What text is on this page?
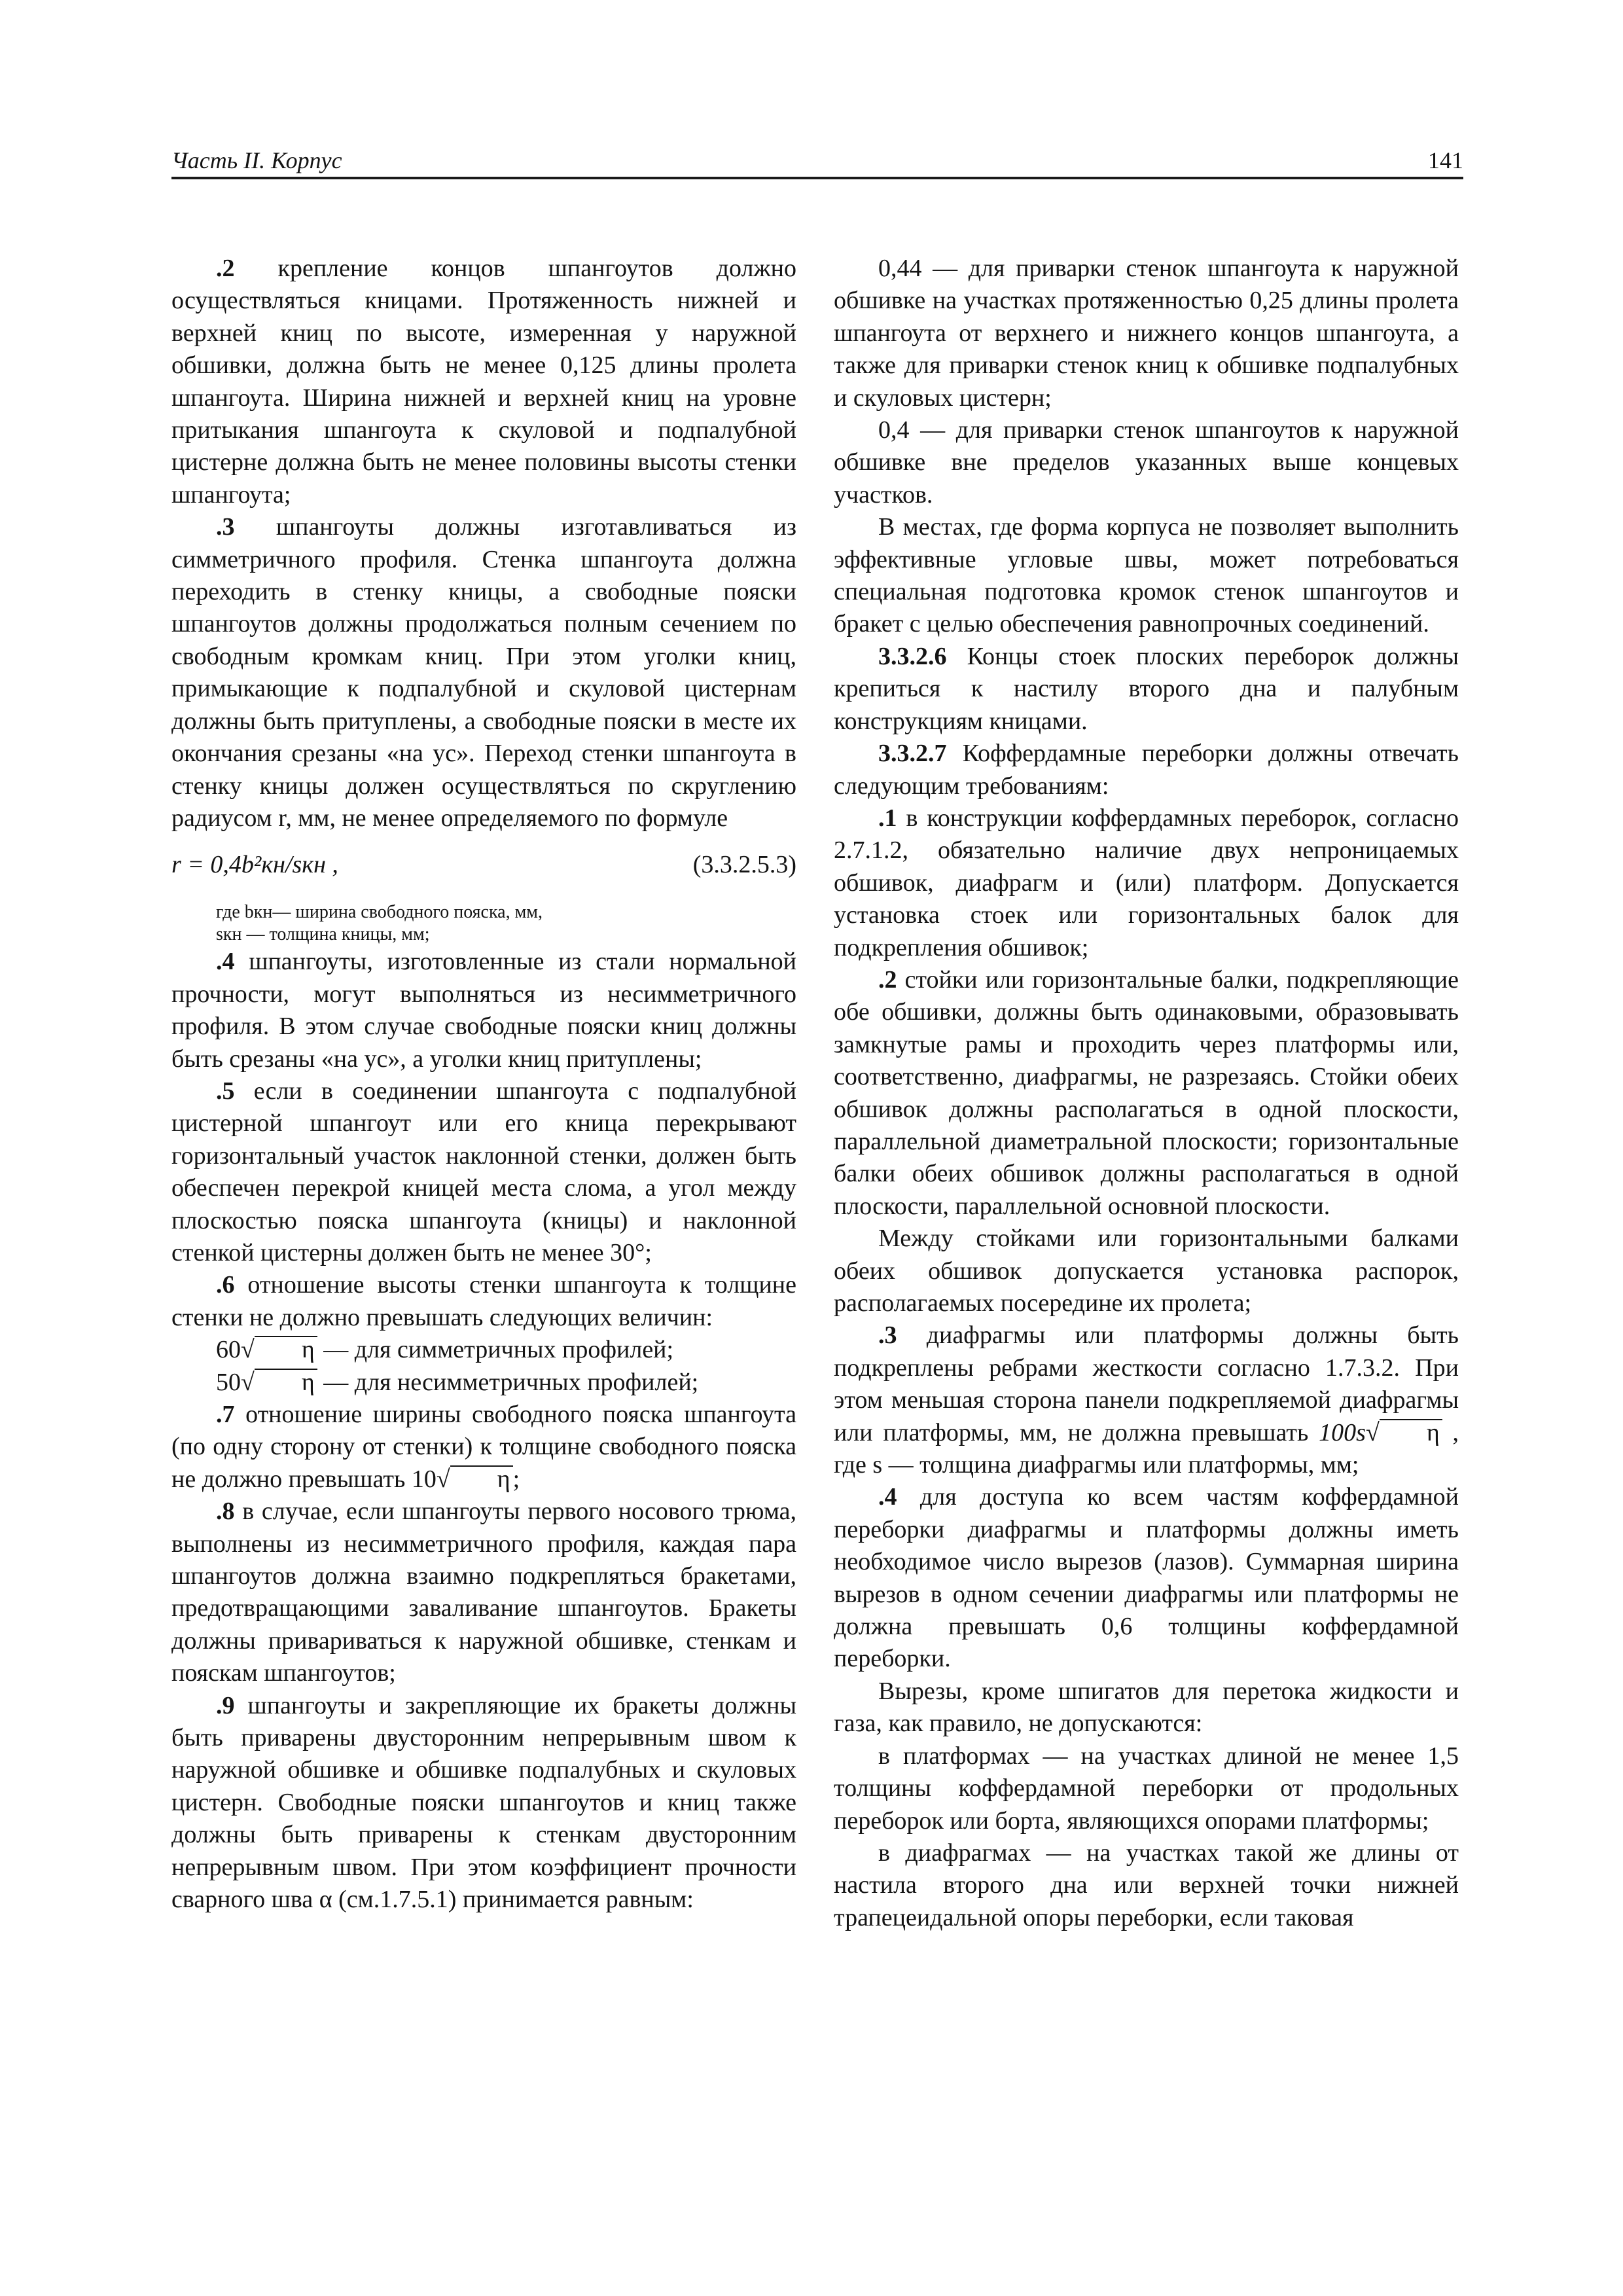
Часть II. Корпус	141

.2 крепление концов шпангоутов должно осуществляться кницами. Протяженность нижней и верхней книц по высоте, измеренная у наружной обшивки, должна быть не менее 0,125 длины пролета шпангоута. Ширина нижней и верхней книц на уровне притыкания шпангоута к скуловой и подпалубной цистерне должна быть не менее половины высоты стенки шпангоута;

.3 шпангоуты должны изготавливаться из симметричного профиля. Стенка шпангоута должна переходить в стенку кницы, а свободные пояски шпангоутов должны продолжаться полным сечением по свободным кромкам книц. При этом уголки книц, примыкающие к подпалубной и скуловой цистернам должны быть притуплены, а свободные пояски в месте их окончания срезаны «на ус». Переход стенки шпангоута в стенку кницы должен осуществляться по скруглению радиусом r, мм, не менее определяемого по формуле

r = 0,4b²кн/sкн ,	(3.3.2.5.3)

где bкн— ширина свободного пояска, мм,

sкн — толщина кницы, мм;

.4 шпангоуты, изготовленные из стали нормальной прочности, могут выполняться из несимметричного профиля. В этом случае свободные пояски книц должны быть срезаны «на ус», а уголки книц притуплены;

.5 если в соединении шпангоута с подпалубной цистерной шпангоут или его кница перекрывают горизонтальный участок наклонной стенки, должен быть обеспечен перекрой кницей места слома, а угол между плоскостью пояска шпангоута (кницы) и наклонной стенкой цистерны должен быть не менее 30°;

.6 отношение высоты стенки шпангоута к толщине стенки не должно превышать следующих величин:

60√ η — для симметричных профилей;

50√ η — для несимметричных профилей;

.7 отношение ширины свободного пояска шпангоута (по одну сторону от стенки) к толщине свободного пояска не должно превышать 10√ η ;

.8 в случае, если шпангоуты первого носового трюма, выполнены из несимметричного профиля, каждая пара шпангоутов должна взаимно подкрепляться бракетами, предотвращающими заваливание шпангоутов. Бракеты должны привариваться к наружной обшивке, стенкам и пояскам шпангоутов;

.9 шпангоуты и закрепляющие их бракеты должны быть приварены двусторонним непрерывным швом к наружной обшивке и обшивке подпалубных и скуловых цистерн. Свободные пояски шпангоутов и книц также должны быть приварены к стенкам двусторонним непрерывным швом. При этом коэффициент прочности сварного шва α (см.1.7.5.1) принимается равным:

0,44 — для приварки стенок шпангоута к наружной обшивке на участках протяженностью 0,25 длины пролета шпангоута от верхнего и нижнего концов шпангоута, а также для приварки стенок книц к обшивке подпалубных и скуловых цистерн;

0,4 — для приварки стенок шпангоутов к наружной обшивке вне пределов указанных выше концевых участков.

В местах, где форма корпуса не позволяет выполнить эффективные угловые швы, может потребоваться специальная подготовка кромок стенок шпангоутов и бракет с целью обеспечения равнопрочных соединений.

3.3.2.6 Концы стоек плоских переборок должны крепиться к настилу второго дна и палубным конструкциям кницами.

3.3.2.7 Коффердамные переборки должны отвечать следующим требованиям:

.1 в конструкции коффердамных переборок, согласно 2.7.1.2, обязательно наличие двух непроницаемых обшивок, диафрагм и (или) платформ. Допускается установка стоек или горизонтальных балок для подкрепления обшивок;

.2 стойки или горизонтальные балки, подкрепляющие обе обшивки, должны быть одинаковыми, образовывать замкнутые рамы и проходить через платформы или, соответственно, диафрагмы, не разрезаясь. Стойки обеих обшивок должны располагаться в одной плоскости, параллельной диаметральной плоскости; горизонтальные балки обеих обшивок должны располагаться в одной плоскости, параллельной основной плоскости.

Между стойками или горизонтальными балками обеих обшивок допускается установка распорок, располагаемых посередине их пролета;

.3 диафрагмы или платформы должны быть подкреплены ребрами жесткости согласно 1.7.3.2. При этом меньшая сторона панели подкрепляемой диафрагмы или платформы, мм, не должна превышать 100s√ η , где s — толщина диафрагмы или платформы, мм;

.4 для доступа ко всем частям коффердамной переборки диафрагмы и платформы должны иметь необходимое число вырезов (лазов). Суммарная ширина вырезов в одном сечении диафрагмы или платформы не должна превышать 0,6 толщины коффердамной переборки.

Вырезы, кроме шпигатов для перетока жидкости и газа, как правило, не допускаются:

в платформах — на участках длиной не менее 1,5 толщины коффердамной переборки от продольных переборок или борта, являющихся опорами платформы;

в диафрагмах — на участках такой же длины от настила второго дна или верхней точки нижней трапецеидальной опоры переборки, если таковая
